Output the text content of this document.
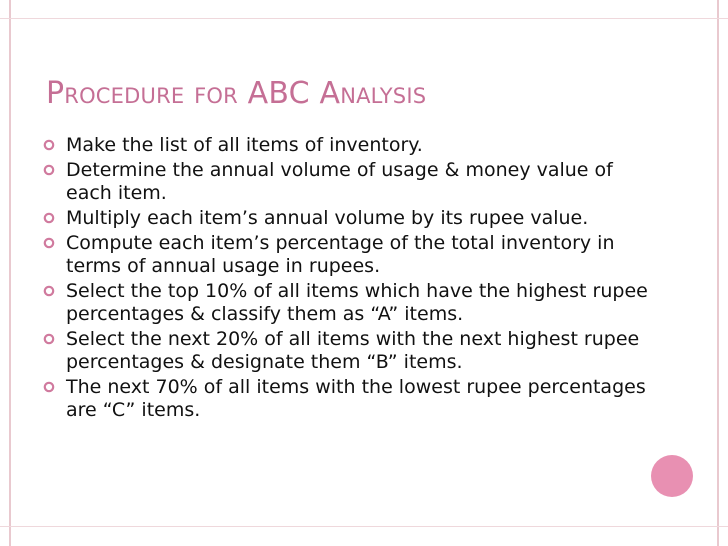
Procedure for ABC Analysis
Make the list of all items of inventory.
Determine the annual volume of usage & money value of each item.
Multiply each item’s annual volume by its rupee value.
Compute each item’s percentage of the total inventory in terms of annual usage in rupees.
Select the top 10% of all items which have the highest rupee percentages & classify them as “A” items.
Select the next 20% of all items with the next highest rupee percentages & designate them “B” items.
The next 70% of all items with the lowest rupee percentages are “C” items.
